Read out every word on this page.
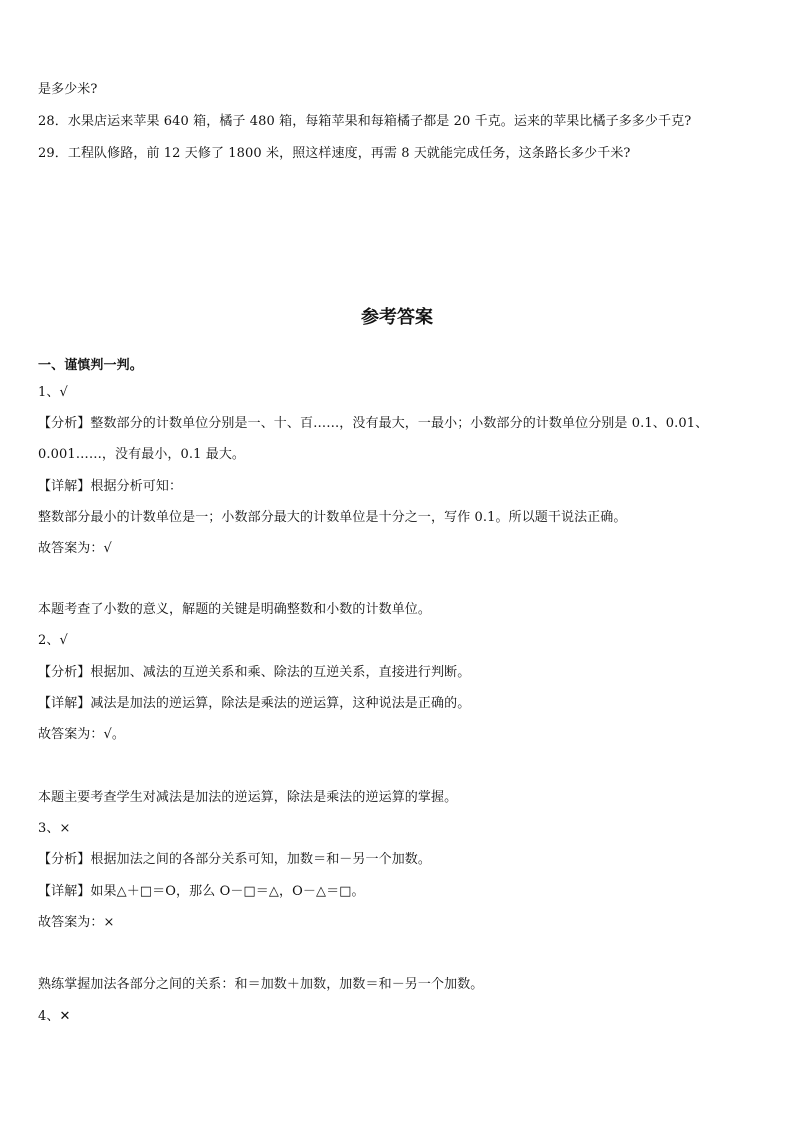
是多少米?
28．水果店运来苹果 640 箱，橘子 480 箱，每箱苹果和每箱橘子都是 20 千克。运来的苹果比橘子多多少千克?
29．工程队修路，前 12 天修了 1800 米，照这样速度，再需 8 天就能完成任务，这条路长多少千米?
参考答案
一、谨慎判一判。
1、√
【分析】整数部分的计数单位分别是一、十、百……，没有最大，一最小；小数部分的计数单位分别是 0.1、0.01、
0.001……，没有最小，0.1 最大。
【详解】根据分析可知：
整数部分最小的计数单位是一；小数部分最大的计数单位是十分之一，写作 0.1。所以题干说法正确。
故答案为：√
本题考查了小数的意义，解题的关键是明确整数和小数的计数单位。
2、√
【分析】根据加、减法的互逆关系和乘、除法的互逆关系，直接进行判断。
【详解】减法是加法的逆运算，除法是乘法的逆运算，这种说法是正确的。
故答案为：√。
本题主要考查学生对减法是加法的逆运算，除法是乘法的逆运算的掌握。
3、×
【分析】根据加法之间的各部分关系可知，加数＝和－另一个加数。
【详解】如果△＋□＝O，那么 O－□＝△，O－△＝□。
故答案为：×
熟练掌握加法各部分之间的关系：和＝加数＋加数，加数＝和－另一个加数。
4、✕
